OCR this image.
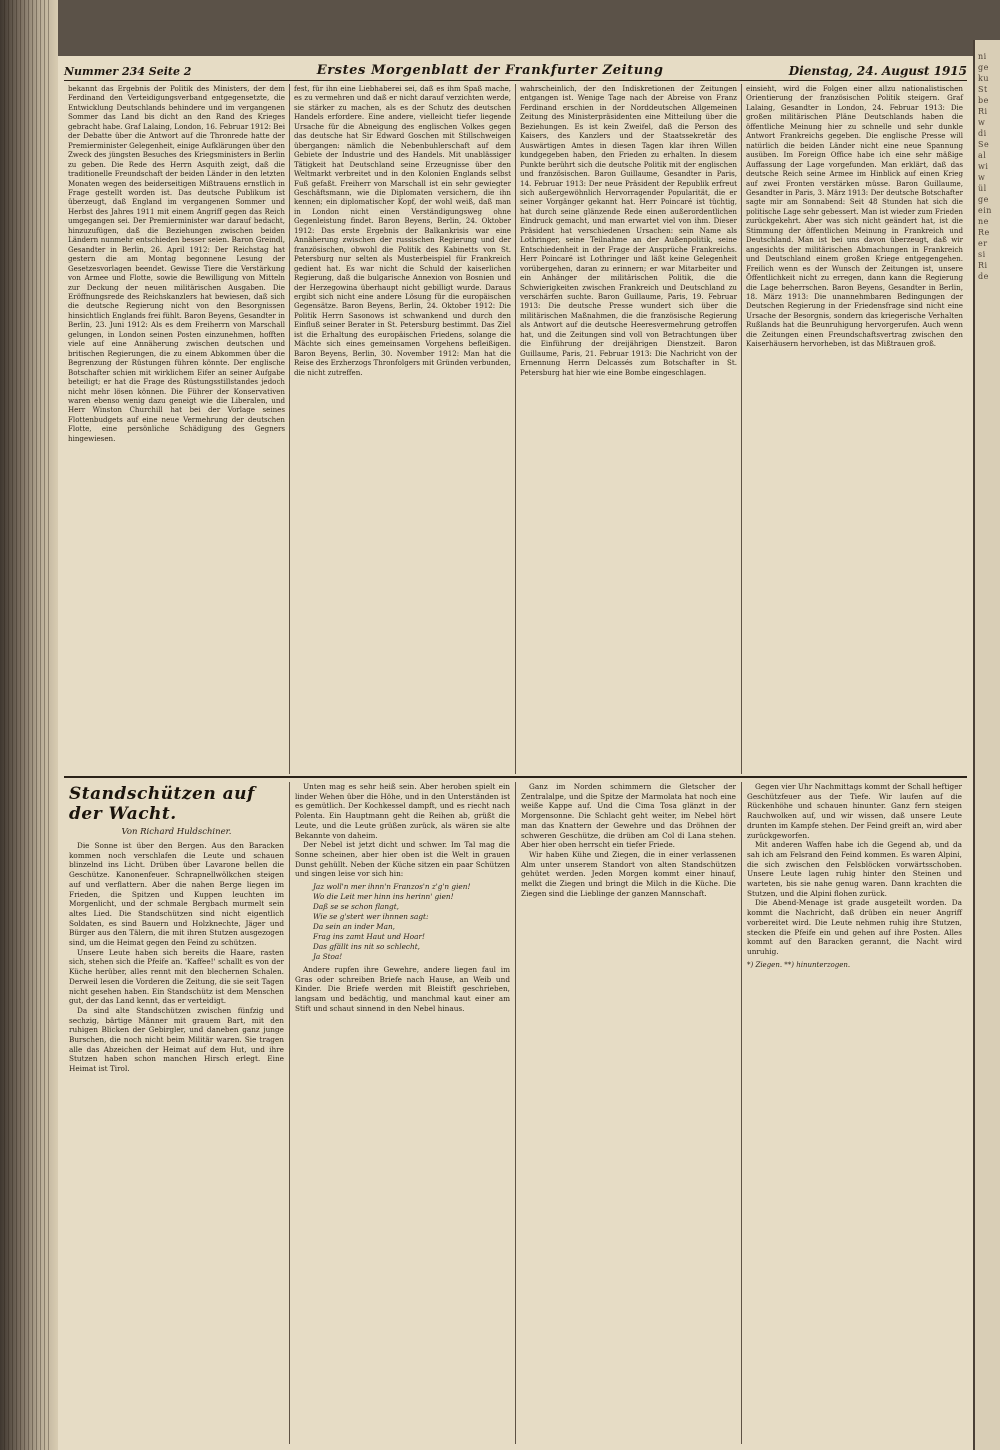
Nummer 234 Seite 2	Erstes Morgenblatt der Frankfurter Zeitung	Dienstag, 24. August 1915

bekannt das Ergebnis der Politik des Ministers, der dem Ferdinand den Verteidigungsverband entgegensetzte, die Entwicklung Deutschlands behindere und im vergangenen Sommer das Land bis dicht an den Rand des Krieges gebracht habe. Graf Lalaing, London, 16. Februar 1912: Bei der Debatte über die Antwort auf die Thronrede hatte der Premierminister Gelegenheit, einige Aufklärungen über den Zweck des jüngsten Besuches des Kriegsministers in Berlin zu geben. Die Rede des Herrn Asquith zeigt, daß die traditionelle Freundschaft der beiden Länder in den letzten Monaten wegen des beiderseitigen Mißtrauens ernstlich in Frage gestellt worden ist. Das deutsche Publikum ist überzeugt, daß England im vergangenen Sommer und Herbst des Jahres 1911 mit einem Angriff gegen das Reich umgegangen sei. Der Premierminister war darauf bedacht, hinzuzufügen, daß die Beziehungen zwischen beiden Ländern nunmehr entschieden besser seien. Baron Greindl, Gesandter in Berlin, 26. April 1912: Der Reichstag hat gestern die am Montag begonnene Lesung der Gesetzesvorlagen beendet. Gewisse Tiere die Verstärkung von Armee und Flotte, sowie die Bewilligung von Mitteln zur Deckung der neuen militärischen Ausgaben. Die Eröffnungsrede des Reichskanzlers hat bewiesen, daß sich die deutsche Regierung nicht von den Besorgnissen hinsichtlich Englands frei fühlt. Baron Beyens, Gesandter in Berlin, 23. Juni 1912: Als es dem Freiherrn von Marschall gelungen, in London seinen Posten einzunehmen, hofften viele auf eine Annäherung zwischen deutschen und britischen Regierungen, die zu einem Abkommen über die Begrenzung der Rüstungen führen könnte. Der englische Botschafter schien mit wirklichem Eifer an seiner Aufgabe beteiligt; er hat die Frage des Rüstungsstillstandes jedoch nicht mehr lösen können. Die Führer der Konservativen waren ebenso wenig dazu geneigt wie die Liberalen, und Herr Winston Churchill hat bei der Vorlage seines Flottenbudgets auf eine neue Vermehrung der deutschen Flotte, eine persönliche Schädigung des Gegners hingewiesen.

fest, für ihn eine Liebhaberei sei, daß es ihm Spaß mache, es zu vermehren und daß er nicht darauf verzichten werde, sie stärker zu machen, als es der Schutz des deutschen Handels erfordere. Eine andere, vielleicht tiefer liegende Ursache für die Abneigung des englischen Volkes gegen das deutsche hat Sir Edward Goschen mit Stillschweigen übergangen: nämlich die Nebenbuhlerschaft auf dem Gebiete der Industrie und des Handels. Mit unablässiger Tätigkeit hat Deutschland seine Erzeugnisse über den Weltmarkt verbreitet und in den Kolonien Englands selbst Fuß gefaßt. Freiherr von Marschall ist ein sehr gewiegter Geschäftsmann, wie die Diplomaten versichern, die ihn kennen; ein diplomatischer Kopf, der wohl weiß, daß man in London nicht einen Verständigungsweg ohne Gegenleistung findet. Baron Beyens, Berlin, 24. Oktober 1912: Das erste Ergebnis der Balkankrisis war eine Annäherung zwischen der russischen Regierung und der französischen, obwohl die Politik des Kabinetts von St. Petersburg nur selten als Musterbeispiel für Frankreich gedient hat. Es war nicht die Schuld der kaiserlichen Regierung, daß die bulgarische Annexion von Bosnien und der Herzegowina überhaupt nicht gebilligt wurde. Daraus ergibt sich nicht eine andere Lösung für die europäischen Gegensätze. Baron Beyens, Berlin, 24. Oktober 1912: Die Politik Herrn Sasonows ist schwankend und durch den Einfluß seiner Berater in St. Petersburg bestimmt. Das Ziel ist die Erhaltung des europäischen Friedens, solange die Mächte sich eines gemeinsamen Vorgehens befleißigen. Baron Beyens, Berlin, 30. November 1912: Man hat die Reise des Erzherzogs Thronfolgers mit Gründen verbunden, die nicht zutreffen.

wahrscheinlich, der den Indiskretionen der Zeitungen entgangen ist. Wenige Tage nach der Abreise von Franz Ferdinand erschien in der Norddeutschen Allgemeinen Zeitung des Ministerpräsidenten eine Mitteilung über die Beziehungen. Es ist kein Zweifel, daß die Person des Kaisers, des Kanzlers und der Staatssekretär des Auswärtigen Amtes in diesen Tagen klar ihren Willen kundgegeben haben, den Frieden zu erhalten. In diesem Punkte berührt sich die deutsche Politik mit der englischen und französischen. Baron Guillaume, Gesandter in Paris, 14. Februar 1913: Der neue Präsident der Republik erfreut sich außergewöhnlich Hervorragender Popularität, die er seiner Vorgänger gekannt hat. Herr Poincaré ist tüchtig, hat durch seine glänzende Rede einen außerordentlichen Eindruck gemacht, und man erwartet viel von ihm. Dieser Präsident hat verschiedenen Ursachen: sein Name als Lothringer, seine Teilnahme an der Außenpolitik, seine Entschiedenheit in der Frage der Ansprüche Frankreichs. Herr Poincaré ist Lothringer und läßt keine Gelegenheit vorübergehen, daran zu erinnern; er war Mitarbeiter und ein Anhänger der militärischen Politik, die die Schwierigkeiten zwischen Frankreich und Deutschland zu verschärfen suchte. Baron Guillaume, Paris, 19. Februar 1913: Die deutsche Presse wundert sich über die militärischen Maßnahmen, die die französische Regierung als Antwort auf die deutsche Heeresvermehrung getroffen hat, und die Zeitungen sind voll von Betrachtungen über die Einführung der dreijährigen Dienstzeit. Baron Guillaume, Paris, 21. Februar 1913: Die Nachricht von der Ernennung Herrn Delcassés zum Botschafter in St. Petersburg hat hier wie eine Bombe eingeschlagen.

einsieht, wird die Folgen einer allzu nationalistischen Orientierung der französischen Politik steigern. Graf Lalaing, Gesandter in London, 24. Februar 1913: Die großen militärischen Pläne Deutschlands haben die öffentliche Meinung hier zu schnelle und sehr dunkle Antwort Frankreichs gegeben. Die englische Presse will natürlich die beiden Länder nicht eine neue Spannung ausüben. Im Foreign Office habe ich eine sehr mäßige Auffassung der Lage vorgefunden. Man erklärt, daß das deutsche Reich seine Armee im Hinblick auf einen Krieg auf zwei Fronten verstärken müsse. Baron Guillaume, Gesandter in Paris, 3. März 1913: Der deutsche Botschafter sagte mir am Sonnabend: Seit 48 Stunden hat sich die politische Lage sehr gebessert. Man ist wieder zum Frieden zurückgekehrt. Aber was sich nicht geändert hat, ist die Stimmung der öffentlichen Meinung in Frankreich und Deutschland. Man ist bei uns davon überzeugt, daß wir angesichts der militärischen Abmachungen in Frankreich und Deutschland einem großen Kriege entgegengehen. Freilich wenn es der Wunsch der Zeitungen ist, unsere Öffentlichkeit nicht zu erregen, dann kann die Regierung die Lage beherrschen. Baron Beyens, Gesandter in Berlin, 18. März 1913: Die unannehmbaren Bedingungen der Deutschen Regierung in der Friedensfrage sind nicht eine Ursache der Besorgnis, sondern das kriegerische Verhalten Rußlands hat die Beunruhigung hervorgerufen. Auch wenn die Zeitungen einen Freundschaftsvertrag zwischen den Kaiserhäusern hervorheben, ist das Mißtrauen groß.

Standschützen auf der Wacht.
Von Richard Huldschiner.

Die Sonne ist über den Bergen. Aus den Baracken kommen noch verschlafen die Leute und schauen blinzelnd ins Licht. Drüben über Lavarone bellen die Geschütze. Kanonenfeuer. Schrapnellwölkchen steigen auf und verflattern. Aber die nahen Berge liegen im Frieden, die Spitzen und Kuppen leuchten im Morgenlicht, und der schmale Bergbach murmelt sein altes Lied. Die Standschützen sind nicht eigentlich Soldaten, es sind Bauern und Holzknechte, Jäger und Bürger aus den Tälern, die mit ihren Stutzen ausgezogen sind, um die Heimat gegen den Feind zu schützen.

Unsere Leute haben sich bereits die Haare, rasten sich, stehen sich die Pfeife an. 'Kaffee!' schallt es von der Küche herüber, alles rennt mit den blechernen Schalen. Derweil lesen die Vorderen die Zeitung, die sie seit Tagen nicht gesehen haben. Ein Standschütz ist dem Menschen gut, der das Land kennt, das er verteidigt.

Da sind alte Standschützen zwischen fünfzig und sechzig, bärtige Männer mit grauem Bart, mit den ruhigen Blicken der Gebirgler, und daneben ganz junge Burschen, die noch nicht beim Militär waren. Sie tragen alle das Abzeichen der Heimat auf dem Hut, und ihre Stutzen haben schon manchen Hirsch erlegt. Eine Heimat ist Tirol.

Unten mag es sehr heiß sein. Aber heroben spielt ein linder Wehen über die Höhe, und in den Unterständen ist es gemütlich. Der Kochkessel dampft, und es riecht nach Polenta. Ein Hauptmann geht die Reihen ab, grüßt die Leute, und die Leute grüßen zurück, als wären sie alte Bekannte von daheim.

Der Nebel ist jetzt dicht und schwer. Im Tal mag die Sonne scheinen, aber hier oben ist die Welt in grauen Dunst gehüllt. Neben der Küche sitzen ein paar Schützen und singen leise vor sich hin:

Jaz woll'n mer ihnn'n Franzos'n z'g'n gien!
Wo die Leit mer hinn ins herinn' gien!
Daß se se schon flangt,
Wie se g'stert wer ihnnen sagt:
Da sein an inder Man,
Frag ins zamt Haut und Hoar!
Das gfällt ins nit so schlecht,
Ja Stoa!

Andere rupfen ihre Gewehre, andere liegen faul im Gras oder schreiben Briefe nach Hause, an Weib und Kinder. Die Briefe werden mit Bleistift geschrieben, langsam und bedächtig, und manchmal kaut einer am Stift und schaut sinnend in den Nebel hinaus.

Ganz im Norden schimmern die Gletscher der Zentralalpe, und die Spitze der Marmolata hat noch eine weiße Kappe auf. Und die Cima Tosa glänzt in der Morgensonne. Die Schlacht geht weiter, im Nebel hört man das Knattern der Gewehre und das Dröhnen der schweren Geschütze, die drüben am Col di Lana stehen. Aber hier oben herrscht ein tiefer Friede.

Wir haben Kühe und Ziegen, die in einer verlassenen Alm unter unserem Standort von alten Standschützen gehütet werden. Jeden Morgen kommt einer hinauf, melkt die Ziegen und bringt die Milch in die Küche. Die Ziegen sind die Lieblinge der ganzen Mannschaft.

Gegen vier Uhr Nachmittags kommt der Schall heftiger Geschützfeuer aus der Tiefe. Wir laufen auf die Rückenhöhe und schauen hinunter. Ganz fern steigen Rauchwolken auf, und wir wissen, daß unsere Leute drunten im Kampfe stehen. Der Feind greift an, wird aber zurückgeworfen.

Mit anderen Waffen habe ich die Gegend ab, und da sah ich am Felsrand den Feind kommen. Es waren Alpini, die sich zwischen den Felsblöcken vorwärtsschoben. Unsere Leute lagen ruhig hinter den Steinen und warteten, bis sie nahe genug waren. Dann krachten die Stutzen, und die Alpini flohen zurück.

Die Abend-Menage ist grade ausgeteilt worden. Da kommt die Nachricht, daß drüben ein neuer Angriff vorbereitet wird. Die Leute nehmen ruhig ihre Stutzen, stecken die Pfeife ein und gehen auf ihre Posten. Alles kommt auf den Baracken gerannt, die Nacht wird unruhig.

*) Ziegen. **) hinunterzogen.

ni
ge
ku
St
be
Ri
w
di
Se
al
wi
w
ül
ge
ein
ne
Re
er
si
Ri
de
